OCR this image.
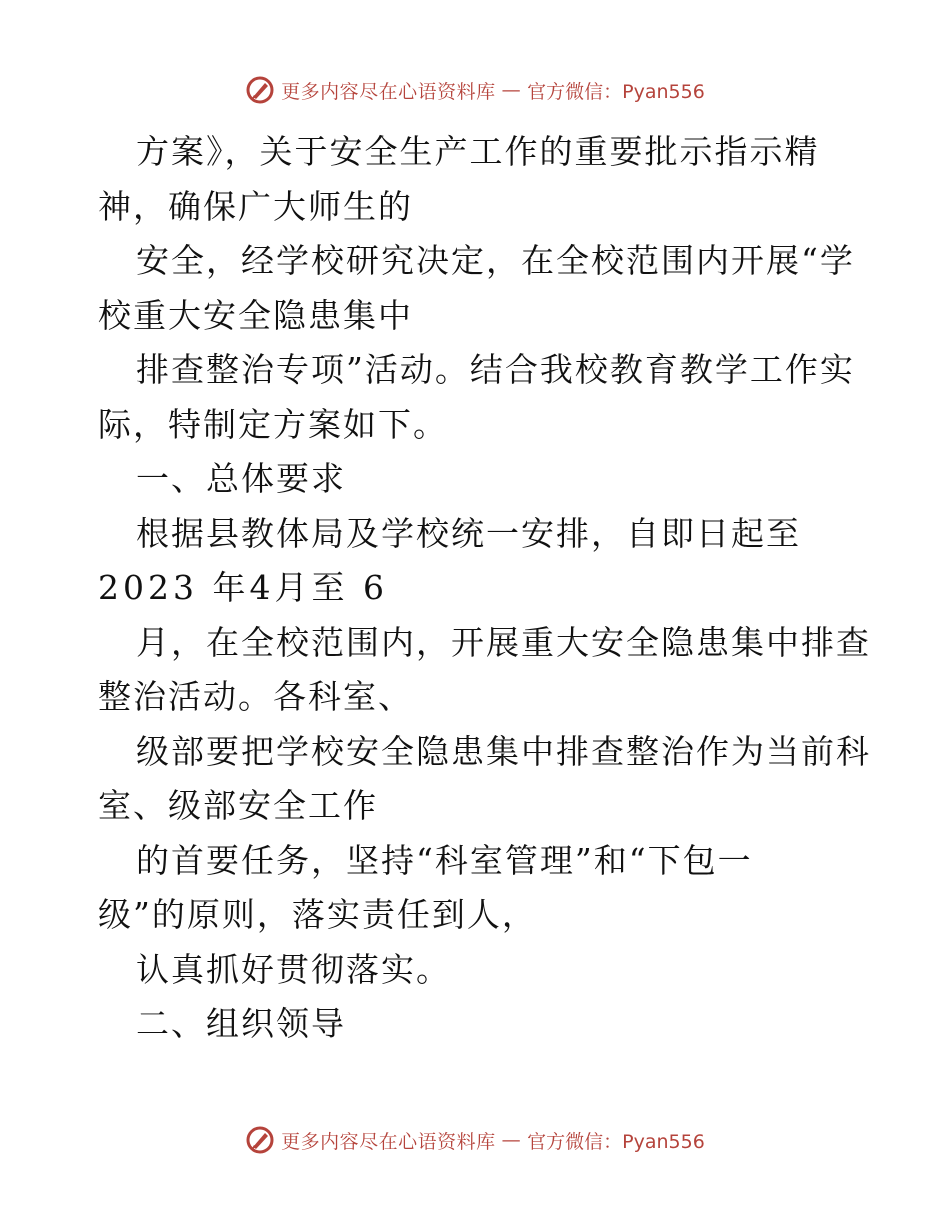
更多内容尽在心语资料库 — 官方微信：Pyan556
方案》，关于安全生产工作的重要批示指示精
神，确保广大师生的
安全，经学校研究决定，在全校范围内开展“学
校重大安全隐患集中
排查整治专项”活动。结合我校教育教学工作实
际，特制定方案如下。
一、总体要求
根据县教体局及学校统一安排，自即日起至
2023 年4月至 6
月，在全校范围内，开展重大安全隐患集中排查
整治活动。各科室、
级部要把学校安全隐患集中排查整治作为当前科
室、级部安全工作
的首要任务，坚持“科室管理”和“下包一
级”的原则，落实责任到人，
认真抓好贯彻落实。
二、组织领导
更多内容尽在心语资料库 — 官方微信：Pyan556
